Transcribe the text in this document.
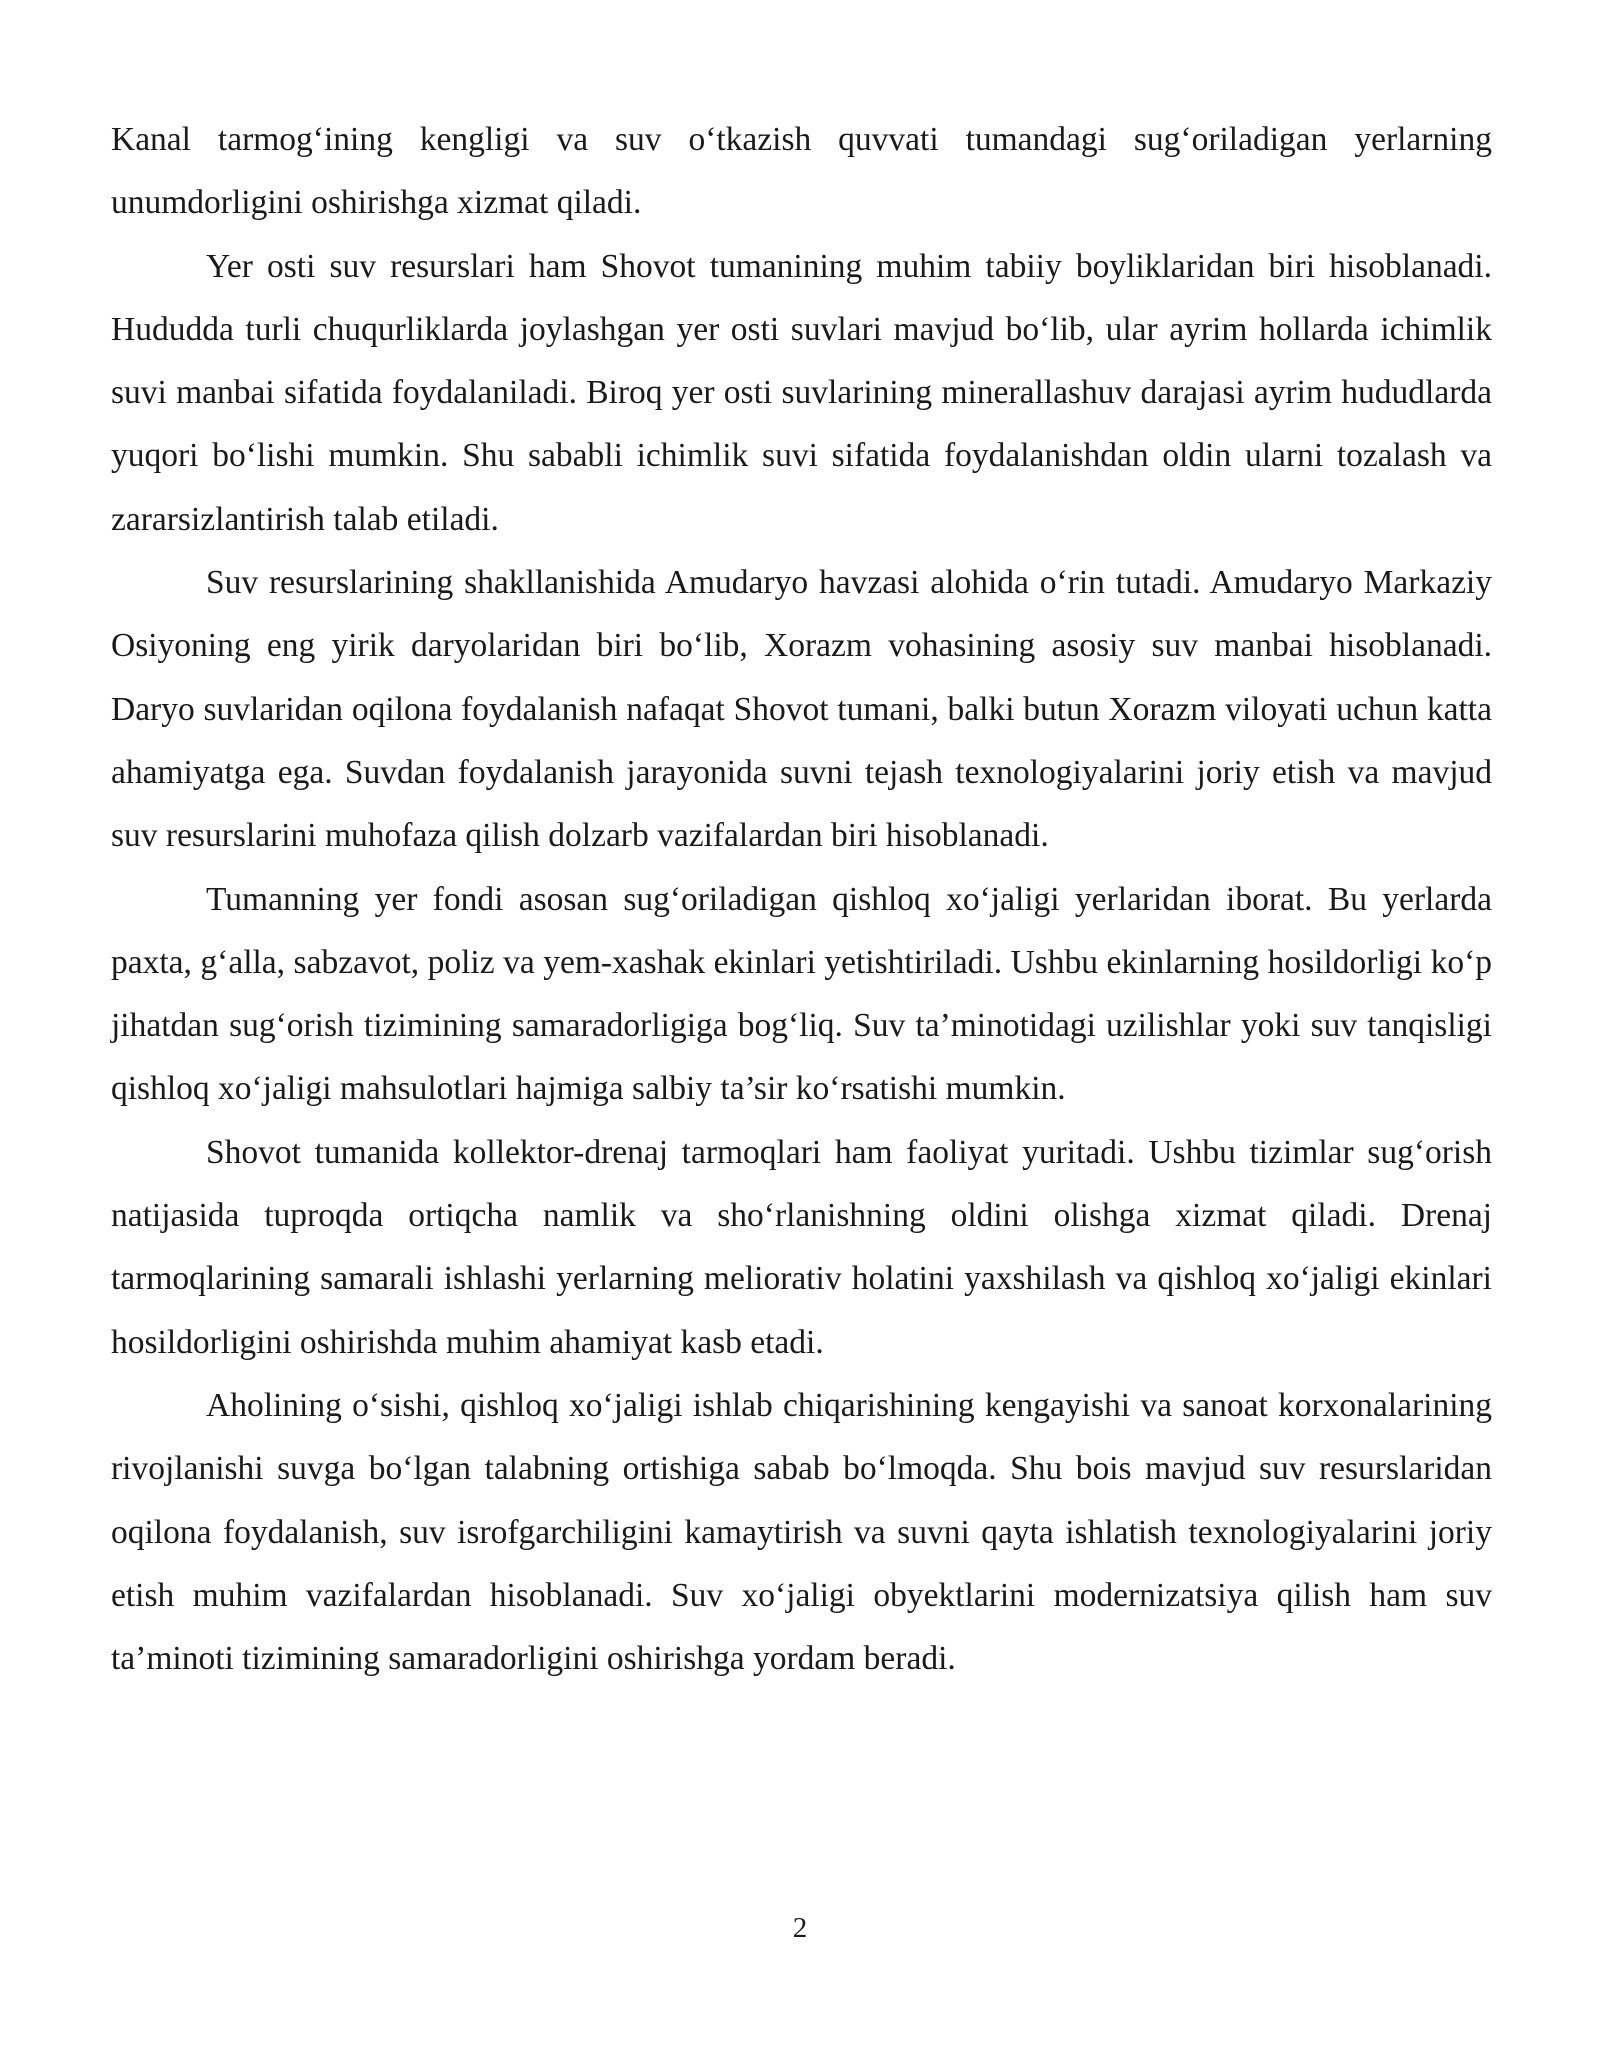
Kanal tarmog‘ining kengligi va suv o‘tkazish quvvati tumandagi sug‘oriladigan yerlarning unumdorligini oshirishga xizmat qiladi.

Yer osti suv resurslari ham Shovot tumanining muhim tabiiy boyliklaridan biri hisoblanadi. Hududda turli chuqurliklarda joylashgan yer osti suvlari mavjud bo‘lib, ular ayrim hollarda ichimlik suvi manbai sifatida foydalaniladi. Biroq yer osti suvlarining minerallashuv darajasi ayrim hududlarda yuqori bo‘lishi mumkin. Shu sababli ichimlik suvi sifatida foydalanishdan oldin ularni tozalash va zararsizlantirish talab etiladi.

Suv resurslarining shakllanishida Amudaryo havzasi alohida o‘rin tutadi. Amudaryo Markaziy Osiyoning eng yirik daryolaridan biri bo‘lib, Xorazm vohasining asosiy suv manbai hisoblanadi. Daryo suvlaridan oqilona foydalanish nafaqat Shovot tumani, balki butun Xorazm viloyati uchun katta ahamiyatga ega. Suvdan foydalanish jarayonida suvni tejash texnologiyalarini joriy etish va mavjud suv resurslarini muhofaza qilish dolzarb vazifalardan biri hisoblanadi.

Tumanning yer fondi asosan sug‘oriladigan qishloq xo‘jaligi yerlaridan iborat. Bu yerlarda paxta, g‘alla, sabzavot, poliz va yem-xashak ekinlari yetishtiriladi. Ushbu ekinlarning hosildorligi ko‘p jihatdan sug‘orish tizimining samaradorligiga bog‘liq. Suv ta’minotidagi uzilishlar yoki suv tanqisligi qishloq xo‘jaligi mahsulotlari hajmiga salbiy ta’sir ko‘rsatishi mumkin.

Shovot tumanida kollektor-drenaj tarmoqlari ham faoliyat yuritadi. Ushbu tizimlar sug‘orish natijasida tuproqda ortiqcha namlik va sho‘rlanishning oldini olishga xizmat qiladi. Drenaj tarmoqlarining samarali ishlashi yerlarning meliorativ holatini yaxshilash va qishloq xo‘jaligi ekinlari hosildorligini oshirishda muhim ahamiyat kasb etadi.

Aholining o‘sishi, qishloq xo‘jaligi ishlab chiqarishining kengayishi va sanoat korxonalarining rivojlanishi suvga bo‘lgan talabning ortishiga sabab bo‘lmoqda. Shu bois mavjud suv resurslaridan oqilona foydalanish, suv isrofgarchiligini kamaytirish va suvni qayta ishlatish texnologiyalarini joriy etish muhim vazifalardan hisoblanadi. Suv xo‘jaligi obyektlarini modernizatsiya qilish ham suv ta’minoti tizimining samaradorligini oshirishga yordam beradi.

2
